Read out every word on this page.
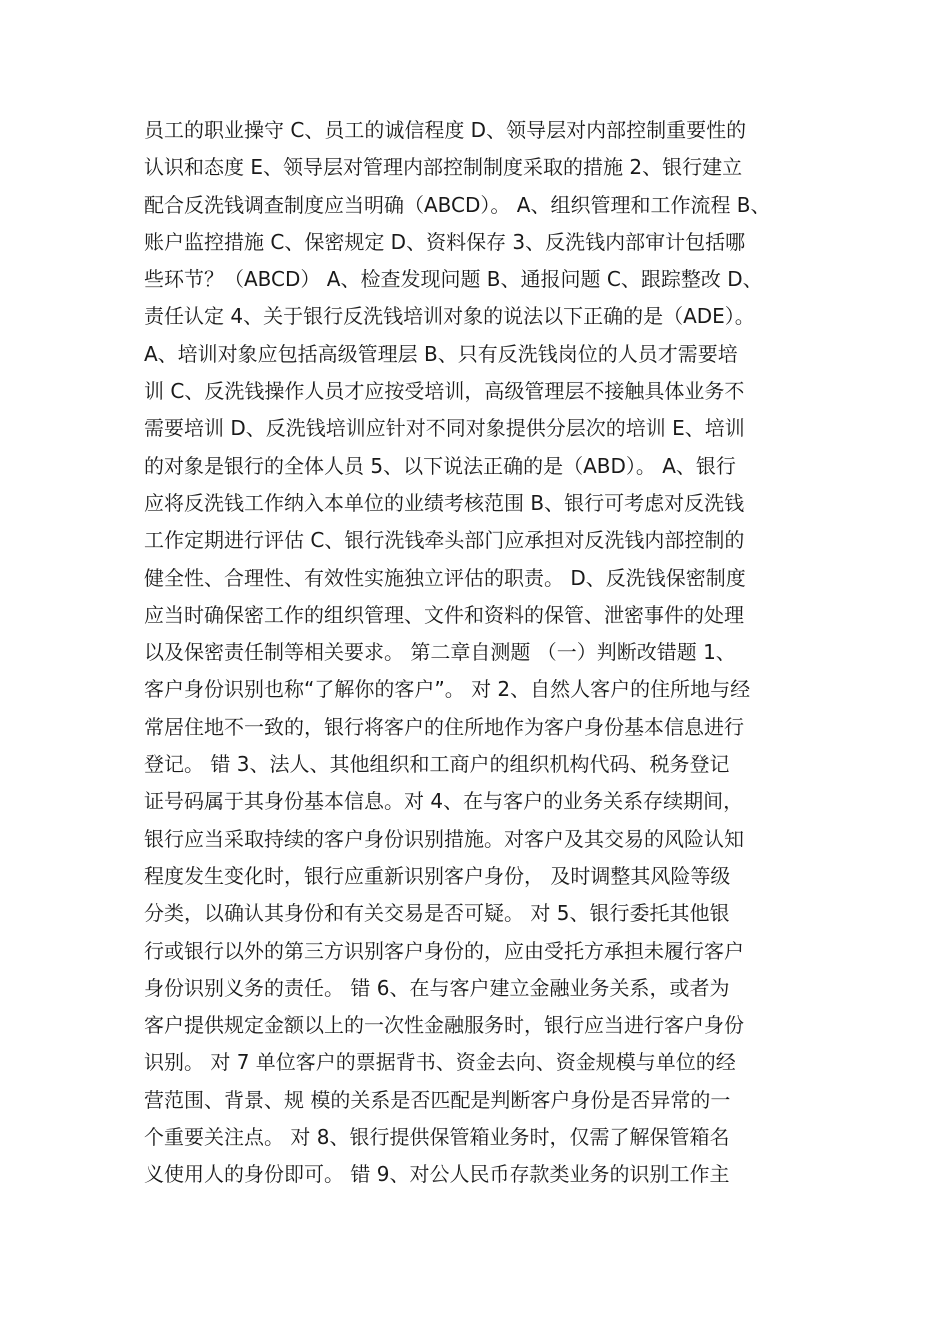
员工的职业操守 C、员工的诚信程度 D、领导层对内部控制重要性的
认识和态度 E、领导层对管理内部控制制度采取的措施 2、银行建立
配合反洗钱调查制度应当明确（ABCD）。 A、组织管理和工作流程 B、
账户监控措施 C、保密规定 D、资料保存 3、反洗钱内部审计包括哪
些环节？（ABCD） A、检查发现问题 B、通报问题 C、跟踪整改 D、
责任认定 4、关于银行反洗钱培训对象的说法以下正确的是（ADE）。
A、培训对象应包括高级管理层 B、只有反洗钱岗位的人员才需要培
训 C、反洗钱操作人员才应按受培训，高级管理层不接触具体业务不
需要培训 D、反洗钱培训应针对不同对象提供分层次的培训 E、培训
的对象是银行的全体人员 5、以下说法正确的是（ABD）。 A、银行
应将反洗钱工作纳入本单位的业绩考核范围 B、银行可考虑对反洗钱
工作定期进行评估 C、银行洗钱牵头部门应承担对反洗钱内部控制的
健全性、合理性、有效性实施独立评估的职责。 D、反洗钱保密制度
应当时确保密工作的组织管理、文件和资料的保管、泄密事件的处理
以及保密责任制等相关要求。 第二章自测题 （一）判断改错题 1、
客户身份识别也称“了解你的客户”。 对 2、自然人客户的住所地与经
常居住地不一致的，银行将客户的住所地作为客户身份基本信息进行
登记。 错 3、法人、其他组织和工商户的组织机构代码、税务登记
证号码属于其身份基本信息。对 4、在与客户的业务关系存续期间，
银行应当采取持续的客户身份识别措施。对客户及其交易的风险认知
程度发生变化时，银行应重新识别客户身份， 及时调整其风险等级
分类，以确认其身份和有关交易是否可疑。 对 5、银行委托其他银
行或银行以外的第三方识别客户身份的，应由受托方承担未履行客户
身份识别义务的责任。 错 6、在与客户建立金融业务关系，或者为
客户提供规定金额以上的一次性金融服务时，银行应当进行客户身份
识别。 对 7 单位客户的票据背书、资金去向、资金规模与单位的经
营范围、背景、规 模的关系是否匹配是判断客户身份是否异常的一
个重要关注点。 对 8、银行提供保管箱业务时，仅需了解保管箱名
义使用人的身份即可。 错 9、对公人民币存款类业务的识别工作主
